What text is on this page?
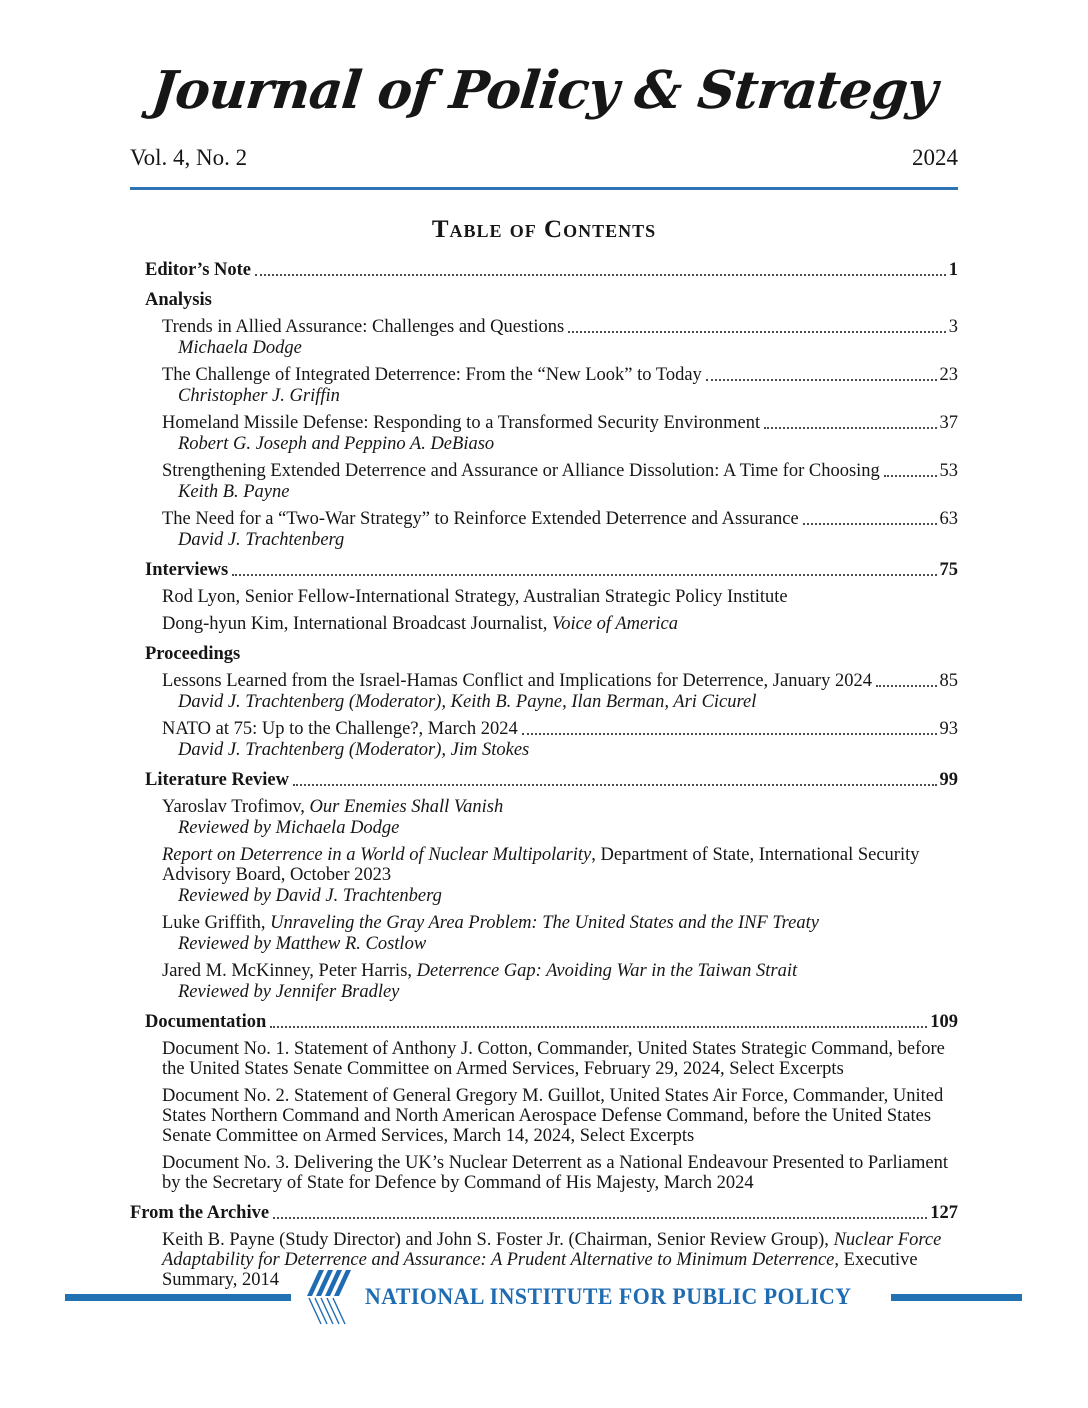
Journal of Policy & Strategy
Vol. 4, No. 2	2024
Table of Contents
Editor’s Note	1
Analysis
Trends in Allied Assurance: Challenges and Questions	3
Michaela Dodge
The Challenge of Integrated Deterrence: From the “New Look” to Today	23
Christopher J. Griffin
Homeland Missile Defense: Responding to a Transformed Security Environment	37
Robert G. Joseph and Peppino A. DeBiaso
Strengthening Extended Deterrence and Assurance or Alliance Dissolution: A Time for Choosing	53
Keith B. Payne
The Need for a “Two-War Strategy” to Reinforce Extended Deterrence and Assurance	63
David J. Trachtenberg
Interviews	75
Rod Lyon, Senior Fellow-International Strategy, Australian Strategic Policy Institute
Dong-hyun Kim, International Broadcast Journalist, Voice of America
Proceedings
Lessons Learned from the Israel-Hamas Conflict and Implications for Deterrence, January 2024	85
David J. Trachtenberg (Moderator), Keith B. Payne, Ilan Berman, Ari Cicurel
NATO at 75: Up to the Challenge?, March 2024	93
David J. Trachtenberg (Moderator), Jim Stokes
Literature Review	99
Yaroslav Trofimov, Our Enemies Shall Vanish
Reviewed by Michaela Dodge
Report on Deterrence in a World of Nuclear Multipolarity, Department of State, International Security Advisory Board, October 2023
Reviewed by David J. Trachtenberg
Luke Griffith, Unraveling the Gray Area Problem: The United States and the INF Treaty
Reviewed by Matthew R. Costlow
Jared M. McKinney, Peter Harris, Deterrence Gap: Avoiding War in the Taiwan Strait
Reviewed by Jennifer Bradley
Documentation	109
Document No. 1. Statement of Anthony J. Cotton, Commander, United States Strategic Command, before the United States Senate Committee on Armed Services, February 29, 2024, Select Excerpts
Document No. 2. Statement of General Gregory M. Guillot, United States Air Force, Commander, United States Northern Command and North American Aerospace Defense Command, before the United States Senate Committee on Armed Services, March 14, 2024, Select Excerpts
Document No. 3. Delivering the UK’s Nuclear Deterrent as a National Endeavour Presented to Parliament by the Secretary of State for Defence by Command of His Majesty, March 2024
From the Archive	127
Keith B. Payne (Study Director) and John S. Foster Jr. (Chairman, Senior Review Group), Nuclear Force Adaptability for Deterrence and Assurance: A Prudent Alternative to Minimum Deterrence, Executive Summary, 2014
NATIONAL INSTITUTE FOR PUBLIC POLICY
